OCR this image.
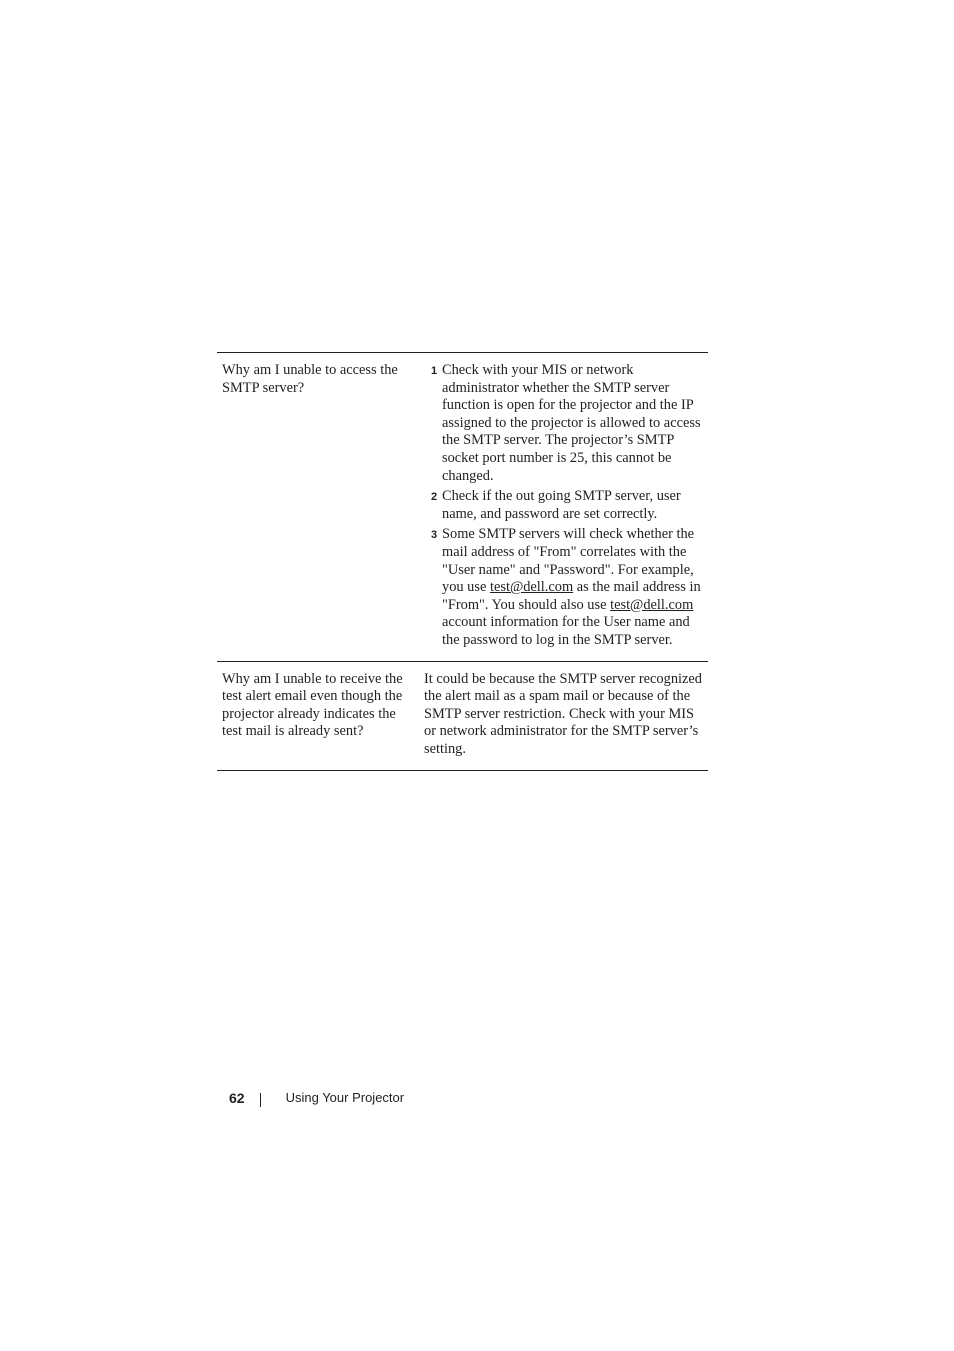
Why am I unable to access the SMTP server?
1 Check with your MIS or network administrator whether the SMTP server function is open for the projector and the IP assigned to the projector is allowed to access the SMTP server. The projector’s SMTP socket port number is 25, this cannot be changed.
2 Check if the out going SMTP server, user name, and password are set correctly.
3 Some SMTP servers will check whether the mail address of "From" correlates with the "User name" and "Password". For example, you use test@dell.com as the mail address in "From". You should also use test@dell.com account information for the User name and the password to log in the SMTP server.
Why am I unable to receive the test alert email even though the projector already indicates the test mail is already sent?
It could be because the SMTP server recognized the alert mail as a spam mail or because of the SMTP server restriction. Check with your MIS or network administrator for the SMTP server’s setting.
62	Using Your Projector
